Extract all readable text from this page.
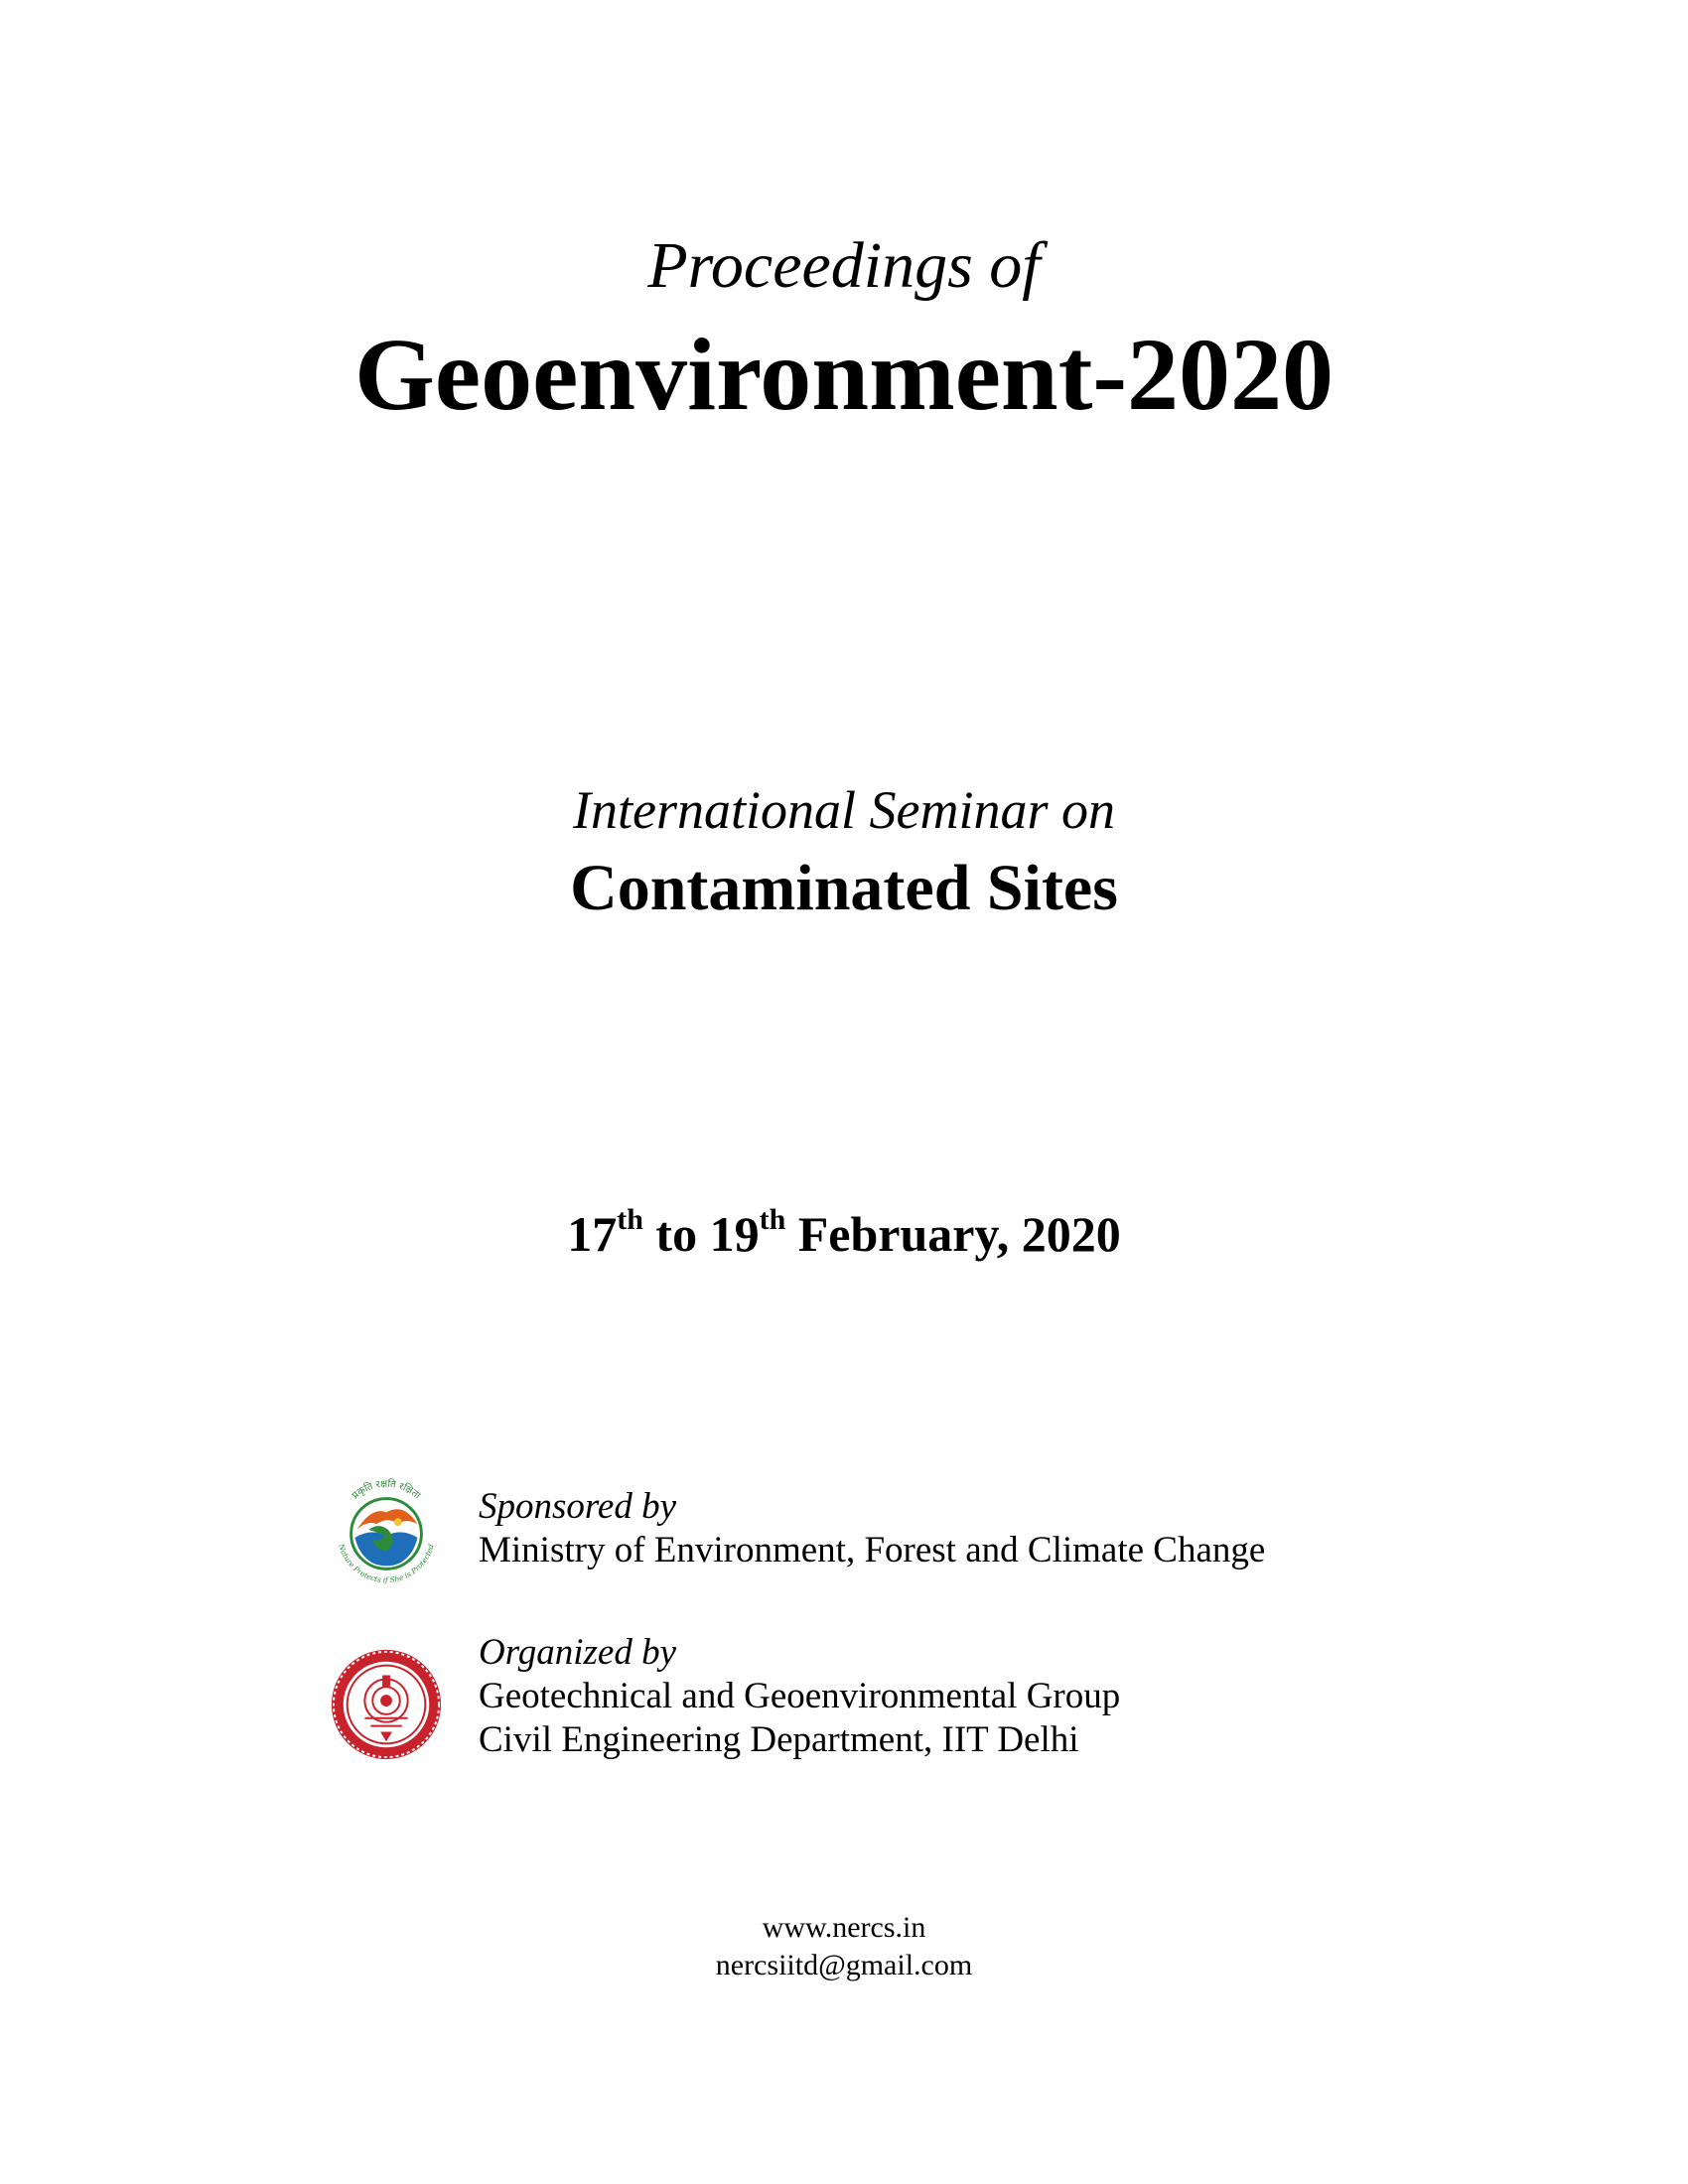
Proceedings of
Geoenvironment-2020
International Seminar on
Contaminated Sites
17th to 19th February, 2020
प्रकृति रक्षति रक्षिता
Nature Protects if She is Protected
Sponsored by
Ministry of Environment, Forest and Climate Change
Organized by
Geotechnical and Geoenvironmental Group
Civil Engineering Department, IIT Delhi
www.nercs.in
nercsiitd@gmail.com
